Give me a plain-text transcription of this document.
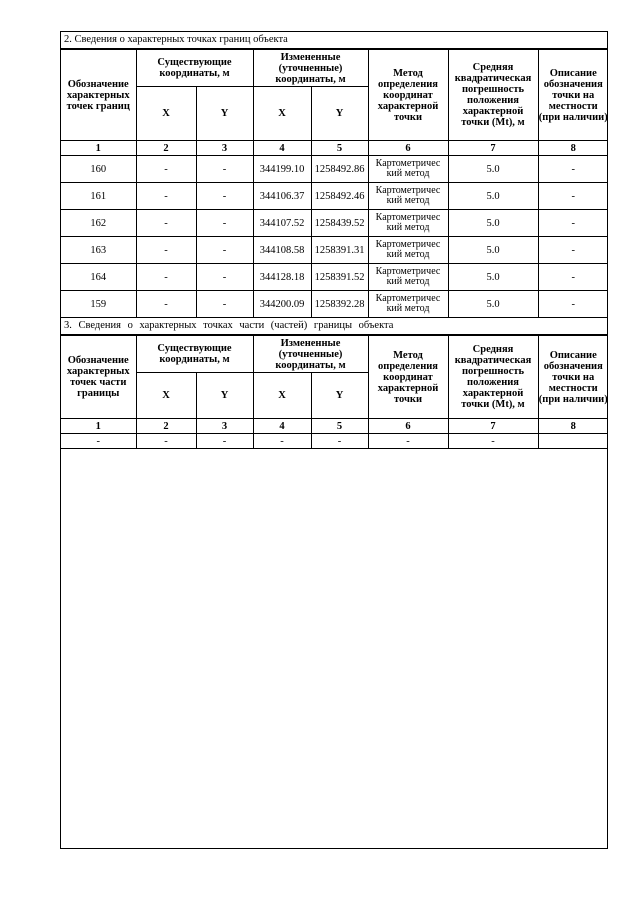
2. Сведения о характерных точках границ объекта
Обозначение характерных точек границ	Существующие координаты, м		Измененные (уточненные) координаты, м		Метод определения координат характерной точки	Средняя квадратическая погрешность положения характерной точки (Mt), м	Описание обозначения точки на местности (при наличии)
	X	Y	X	Y			
1	2	3	4	5	6	7	8
160	-	-	344199.10	1258492.86	Картометричес кий метод	5.0	-
161	-	-	344106.37	1258492.46	Картометричес кий метод	5.0	-
162	-	-	344107.52	1258439.52	Картометричес кий метод	5.0	-
163	-	-	344108.58	1258391.31	Картометричес кий метод	5.0	-
164	-	-	344128.18	1258391.52	Картометричес кий метод	5.0	-
159	-	-	344200.09	1258392.28	Картометричес кий метод	5.0	-
3. Сведения о характерных точках части (частей) границы объекта
Обозначение характерных точек части границы	Существующие координаты, м		Измененные (уточненные) координаты, м		Метод определения координат характерной точки	Средняя квадратическая погрешность положения характерной точки (Mt), м	Описание обозначения точки на местности (при наличии)
	X	Y	X	Y			
1	2	3	4	5	6	7	8
-	-	-	-	-	-	-	
